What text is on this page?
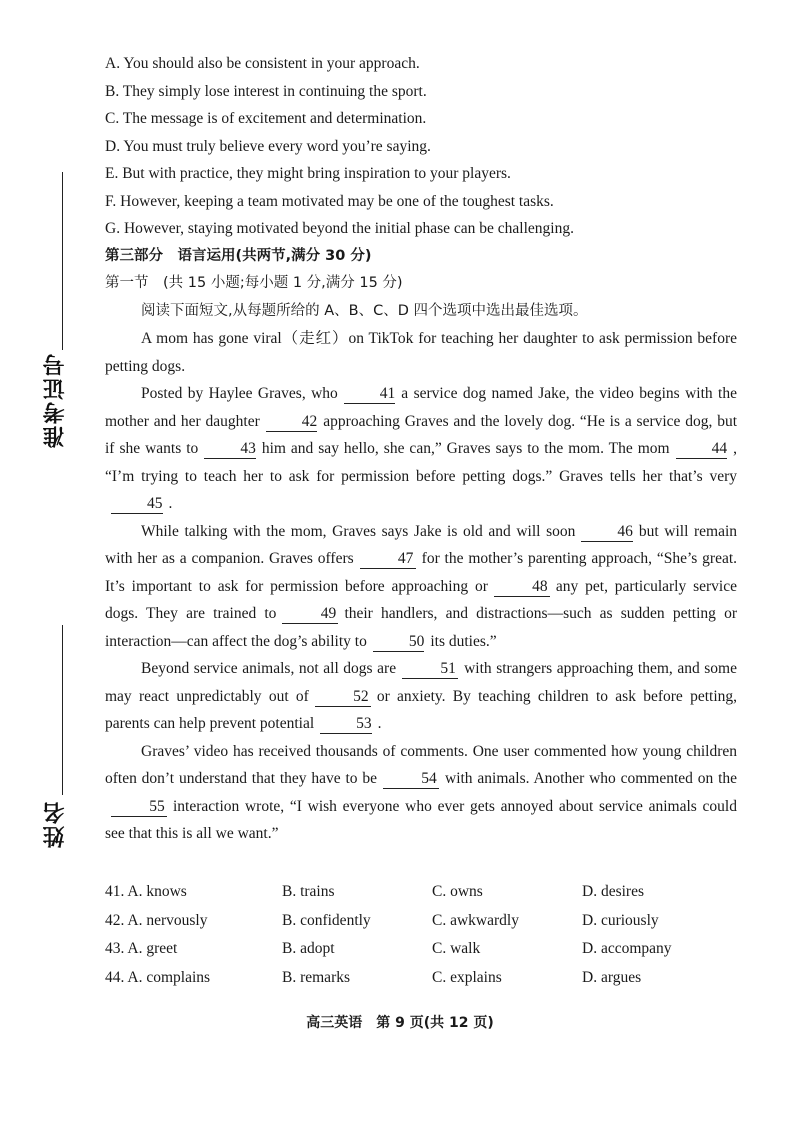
准考证号
姓名
A. You should also be consistent in your approach.
B. They simply lose interest in continuing the sport.
C. The message is of excitement and determination.
D. You must truly believe every word you’re saying.
E. But with practice, they might bring inspiration to your players.
F. However, keeping a team motivated may be one of the toughest tasks.
G. However, staying motivated beyond the initial phase can be challenging.
第三部分　语言运用(共两节,满分 30 分)
第一节　(共 15 小题;每小题 1 分,满分 15 分)
阅读下面短文,从每题所给的 A、B、C、D 四个选项中选出最佳选项。
A mom has gone viral（走红）on TikTok for teaching her daughter to ask permission before petting dogs.
Posted by Haylee Graves, who	41 a service dog named Jake, the video begins with the mother and her daughter	42 approaching Graves and the lovely dog. “He is a service dog, but if she wants to	43 him and say hello, she can,” Graves says to the mom. The mom	44 , “I’m trying to teach her to ask for permission before petting dogs.” Graves tells her that’s very45 .
While talking with the mom, Graves says Jake is old and will soon	46 but will remain with her as a companion. Graves offers	47 for the mother’s parenting approach, “She’s great. It’s important to ask for permission before approaching or	48 any pet, particularly service dogs. They are trained to	49 their handlers, and distractions—such as sudden petting or interaction—can affect the dog’s ability to	50 its duties.”
Beyond service animals, not all dogs are	51 with strangers approaching them, and some may react unpredictably out of	52 or anxiety. By teaching children to ask before petting, parents can help prevent potential	53 .
Graves’ video has received thousands of comments. One user commented how young children often don’t understand that they have to be	54 with animals. Another who commented on the55 interaction wrote, “I wish everyone who ever gets annoyed about service animals could see that this is all we want.”
41. A. knows	B. trains	C. owns	D. desires
42. A. nervously	B. confidently	C. awkwardly	D. curiously
43. A. greet	B. adopt	C. walk	D. accompany
44. A. complains	B. remarks	C. explains	D. argues
高三英语　第 9 页(共 12 页)
